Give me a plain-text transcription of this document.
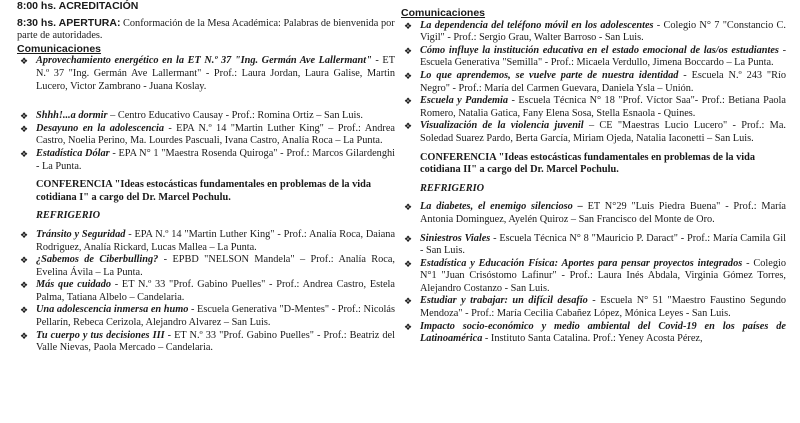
8:00 hs. ACREDITACIÓN
8:30 hs. APERTURA: Conformación de la Mesa Académica: Palabras de bienvenida por parte de autoridades.
Comunicaciones
❖ Aprovechamiento energético en la ET N.º 37 "Ing. Germán Ave Lallermant" - ET N.º 37 "Ing. Germán Ave Lallermant" - Prof.: Laura Jordan, Laura Galise, Martin Lucero, Victor Zambrano - Juana Koslay.
❖ Shhh!...a dormir – Centro Educativo Causay - Prof.: Romina Ortiz – San Luis.
❖ Desayuno en la adolescencia - EPA N.º 14 "Martin Luther King" – Prof.: Andrea Castro, Noelia Perino, Ma. Lourdes Pascuali, Ivana Castro, Analía Roca – La Punta.
❖ Estadística Dólar - EPA N° 1 "Maestra Rosenda Quiroga" - Prof.: Marcos Gilardenghi - La Punta.
CONFERENCIA "Ideas estocásticas fundamentales en problemas de la vida cotidiana I" a cargo del Dr. Marcel Pochulu.
REFRIGERIO
❖ Tránsito y Seguridad - EPA N.º 14 "Martin Luther King" - Prof.: Analía Roca, Daiana Rodriguez, Analía Rickard, Lucas Mallea – La Punta.
❖ ¿Sabemos de Ciberbulling? - EPBD "NELSON Mandela" – Prof.: Analía Roca, Evelina Ávila – La Punta.
❖ Más que cuidado - ET N.º 33 "Prof. Gabino Puelles" - Prof.: Andrea Castro, Estela Palma, Tatiana Albelo – Candelaria.
❖ Una adolescencia inmersa en humo - Escuela Generativa "D-Mentes" - Prof.: Nicolás Pellarín, Rebeca Cerizola, Alejandro Alvarez – San Luis.
❖ Tu cuerpo y tus decisiones III - ET N.º 33 "Prof. Gabino Puelles" - Prof.: Beatriz del Valle Nievas, Paola Mercado – Candelaria.
Comunicaciones
❖ La dependencia del teléfono móvil en los adolescentes - Colegio N° 7 "Constancio C. Vigil" - Prof.: Sergio Grau, Walter Barroso - San Luis.
❖ Cómo influye la institución educativa en el estado emocional de las/os estudiantes - Escuela Generativa "Semilla" - Prof.: Micaela Verdullo, Jimena Boccardo – La Punta.
❖ Lo que aprendemos, se vuelve parte de nuestra identidad - Escuela N.º 243 "Río Negro" - Prof.: María del Carmen Guevara, Daniela Ysla – Unión.
❖ Escuela y Pandemia - Escuela Técnica N° 18 "Prof. Víctor Saa"- Prof.: Betiana Paola Romero, Natalia Gatica, Fany Elena Sosa, Stella Esnaola - Quines.
❖ Visualización de la violencia juvenil – CE "Maestras Lucio Lucero" - Prof.: Ma. Soledad Suarez Pardo, Berta García, Miriam Ojeda, Natalia Iaconetti – San Luis.
CONFERENCIA "Ideas estocásticas fundamentales en problemas de la vida cotidiana II" a cargo del Dr. Marcel Pochulu.
REFRIGERIO
❖ La diabetes, el enemigo silencioso – ET N°29 "Luis Piedra Buena" - Prof.: María Antonia Dominguez, Ayelén Quiroz – San Francisco del Monte de Oro.
❖ Siniestros Viales - Escuela Técnica N° 8 "Mauricio P. Daract" - Prof.: María Camila Gil - San Luis.
❖ Estadística y Educación Física: Aportes para pensar proyectos integrados - Colegio N°1 "Juan Crisóstomo Lafinur" - Prof.: Laura Inés Abdala, Virginia Gómez Torres, Alejandro Costanzo - San Luis.
❖ Estudiar y trabajar: un difícil desafío - Escuela N° 51 "Maestro Faustino Segundo Mendoza" - Prof.: María Cecilia Cabañez López, Mónica Leyes - San Luis.
❖ Impacto socio-económico y medio ambiental del Covid-19 en los países de Latinoamérica - Instituto Santa Catalina. Prof.: Yeney Acosta Pérez,
